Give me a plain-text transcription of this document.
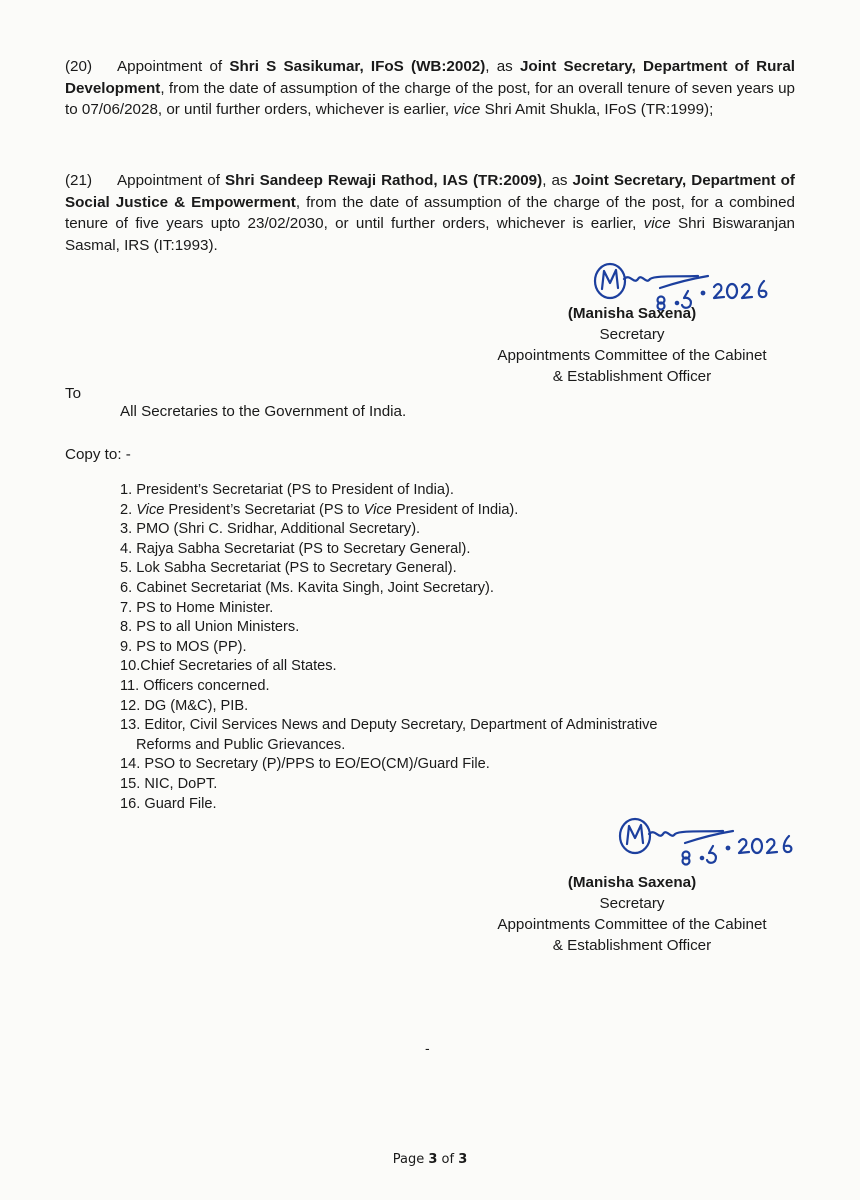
(20) Appointment of Shri S Sasikumar, IFoS (WB:2002), as Joint Secretary, Department of Rural Development, from the date of assumption of the charge of the post, for an overall tenure of seven years up to 07/06/2028, or until further orders, whichever is earlier, vice Shri Amit Shukla, IFoS (TR:1999);

(21) Appointment of Shri Sandeep Rewaji Rathod, IAS (TR:2009), as Joint Secretary, Department of Social Justice & Empowerment, from the date of assumption of the charge of the post, for a combined tenure of five years upto 23/02/2030, or until further orders, whichever is earlier, vice Shri Biswaranjan Sasmal, IRS (IT:1993).

(Manisha Saxena)
Secretary
Appointments Committee of the Cabinet
& Establishment Officer
To
All Secretaries to the Government of India.
Copy to: -
1. President’s Secretariat (PS to President of India).
2. Vice President’s Secretariat (PS to Vice President of India).
3. PMO (Shri C. Sridhar, Additional Secretary).
4. Rajya Sabha Secretariat (PS to Secretary General).
5. Lok Sabha Secretariat (PS to Secretary General).
6. Cabinet Secretariat (Ms. Kavita Singh, Joint Secretary).
7. PS to Home Minister.
8. PS to all Union Ministers.
9. PS to MOS (PP).
10.Chief Secretaries of all States.
11. Officers concerned.
12. DG (M&C), PIB.
13. Editor, Civil Services News and Deputy Secretary, Department of Administrative
Reforms and Public Grievances.
14. PSO to Secretary (P)/PPS to EO/EO(CM)/Guard File.
15. NIC, DoPT.
16. Guard File.
(Manisha Saxena)
Secretary
Appointments Committee of the Cabinet
& Establishment Officer
-
Page 3 of 3
